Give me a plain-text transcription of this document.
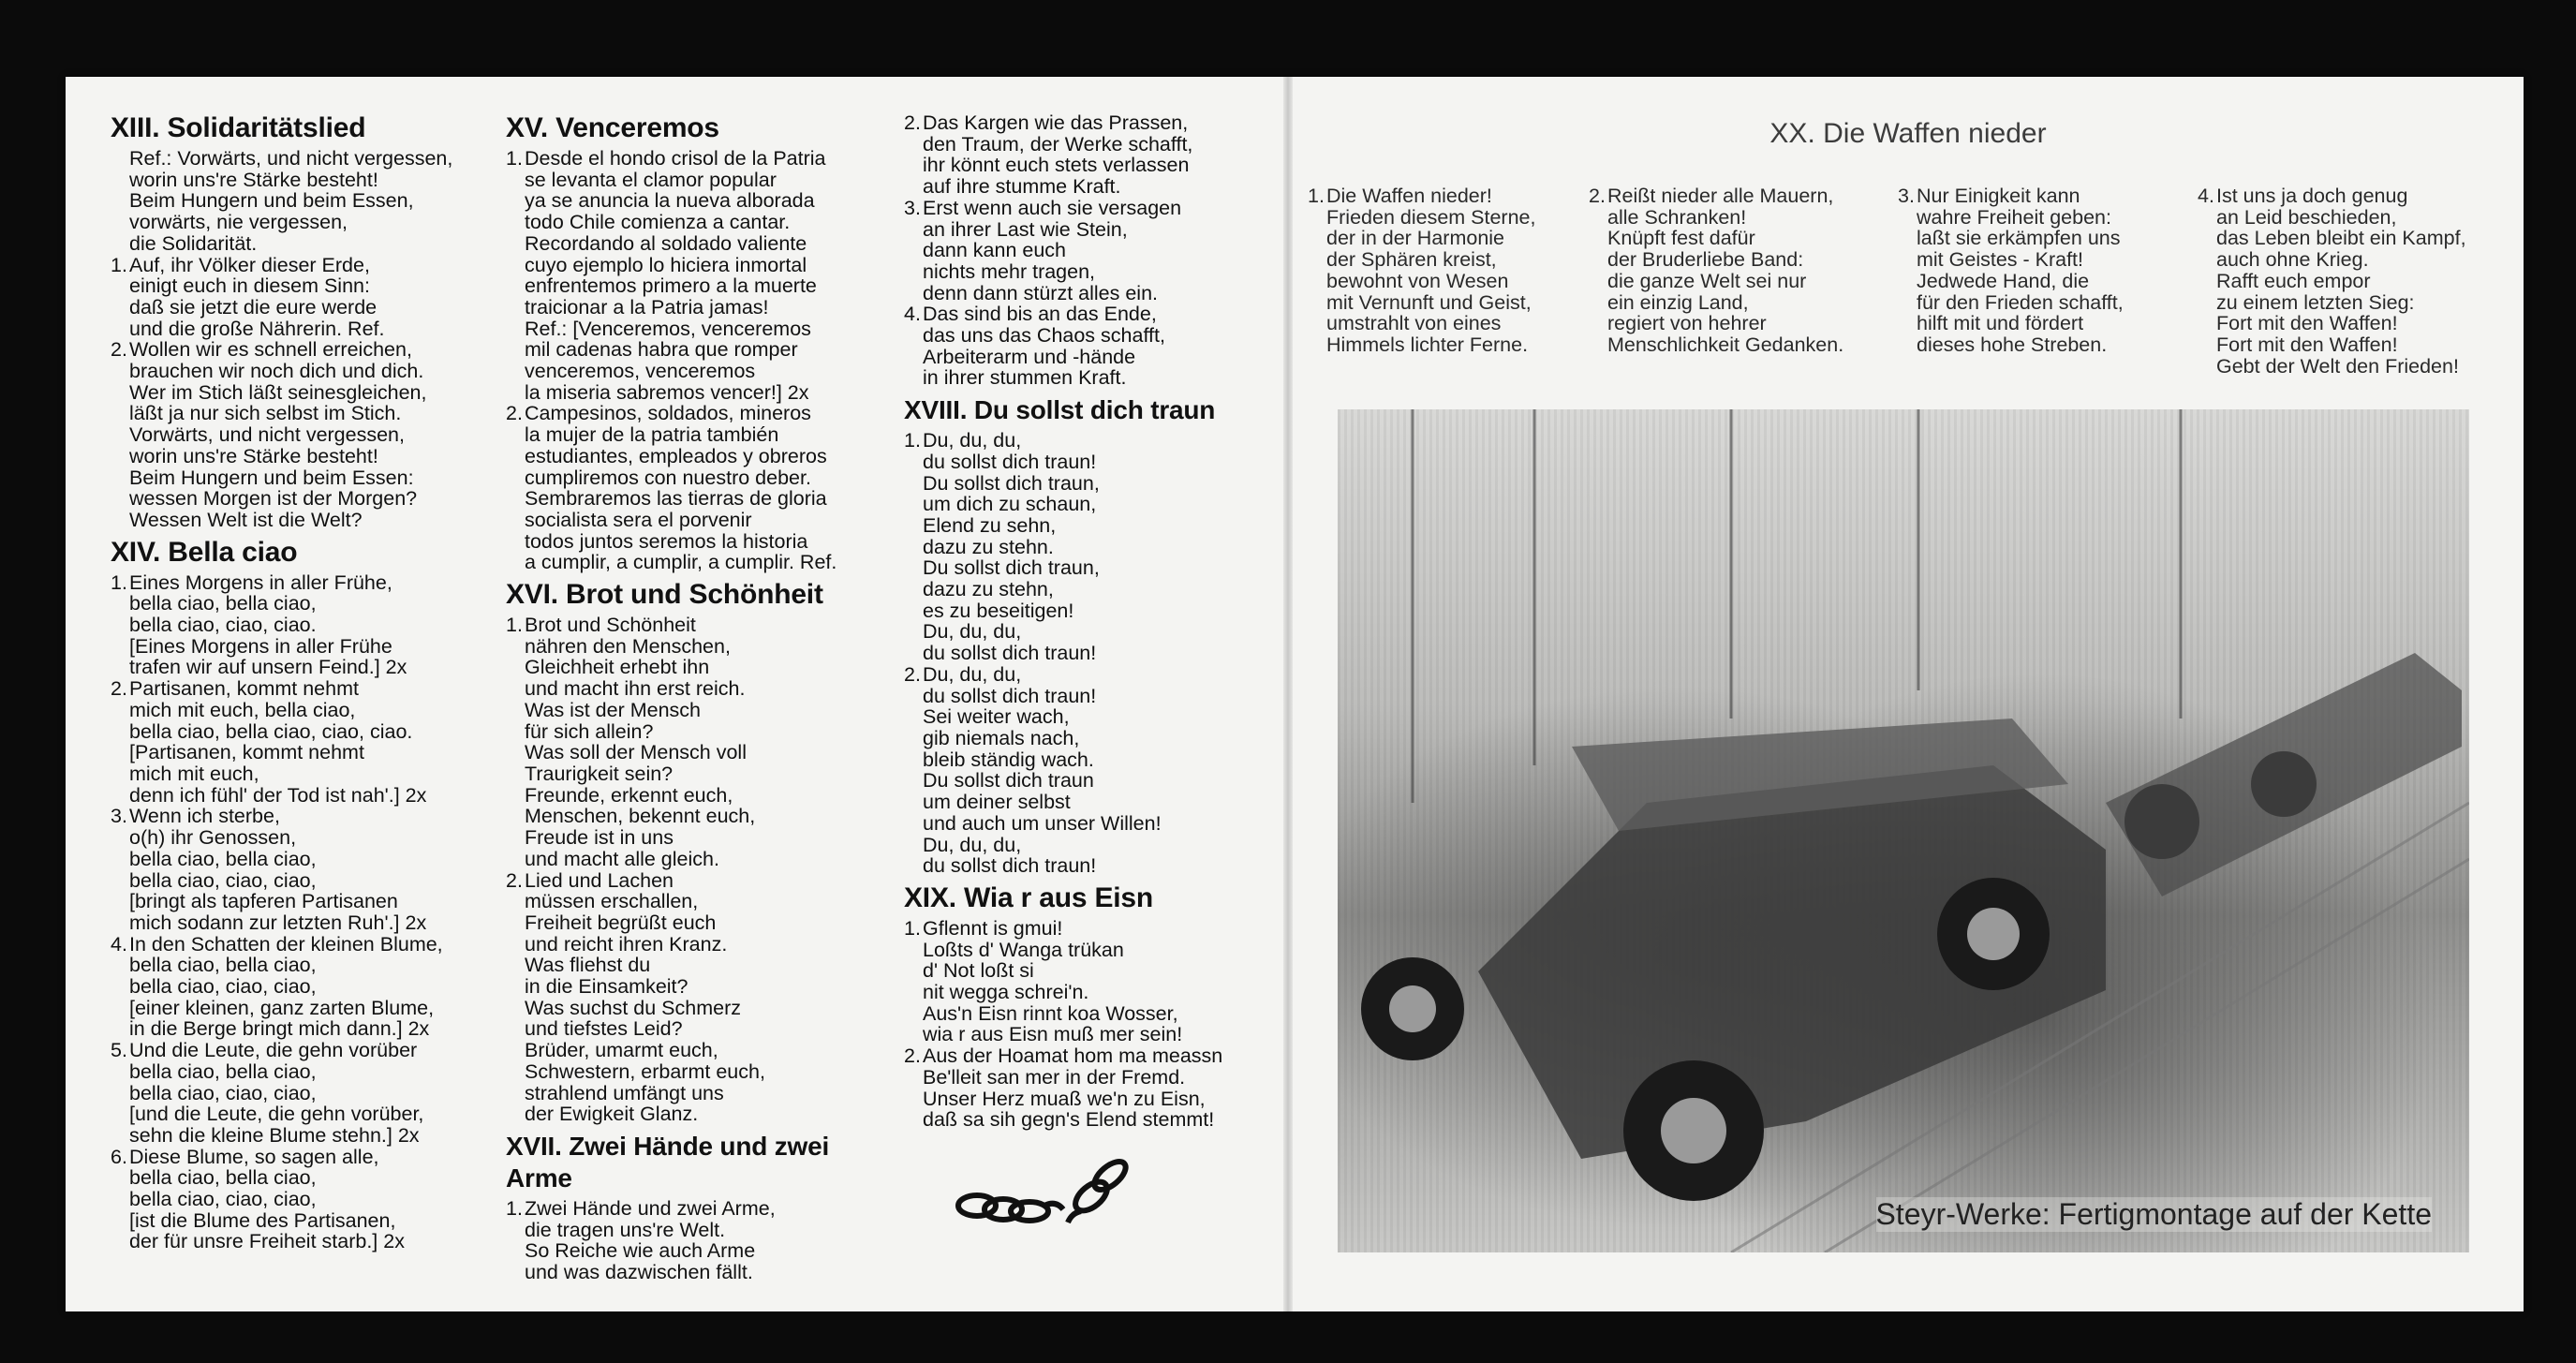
XIII. Solidaritätslied
Ref.: Vorwärts, und nicht vergessen,
worin uns're Stärke besteht!
Beim Hungern und beim Essen,
vorwärts, nie vergessen,
die Solidarität.
1. Auf, ihr Völker dieser Erde,
einigt euch in diesem Sinn:
daß sie jetzt die eure werde
und die große Nährerin. Ref.
2. Wollen wir es schnell erreichen,
brauchen wir noch dich und dich.
Wer im Stich läßt seinesgleichen,
läßt ja nur sich selbst im Stich.
Vorwärts, und nicht vergessen,
worin uns're Stärke besteht!
Beim Hungern und beim Essen:
wessen Morgen ist der Morgen?
Wessen Welt ist die Welt?
XIV. Bella ciao
1. Eines Morgens in aller Frühe,
bella ciao, bella ciao,
bella ciao, ciao, ciao.
[Eines Morgens in aller Frühe
trafen wir auf unsern Feind.] 2x
2. Partisanen, kommt nehmt
mich mit euch, bella ciao,
bella ciao, bella ciao, ciao, ciao.
[Partisanen, kommt nehmt
mich mit euch,
denn ich fühl' der Tod ist nah'.] 2x
3. Wenn ich sterbe,
o(h) ihr Genossen,
bella ciao, bella ciao,
bella ciao, ciao, ciao,
[bringt als tapferen Partisanen
mich sodann zur letzten Ruh'.] 2x
4. In den Schatten der kleinen Blume,
bella ciao, bella ciao,
bella ciao, ciao, ciao,
[einer kleinen, ganz zarten Blume,
in die Berge bringt mich dann.] 2x
5. Und die Leute, die gehn vorüber
bella ciao, bella ciao,
bella ciao, ciao, ciao,
[und die Leute, die gehn vorüber,
sehn die kleine Blume stehn.] 2x
6. Diese Blume, so sagen alle,
bella ciao, bella ciao,
bella ciao, ciao, ciao,
[ist die Blume des Partisanen,
der für unsre Freiheit starb.] 2x
XV. Venceremos
1. Desde el hondo crisol de la Patria
se levanta el clamor popular
ya se anuncia la nueva alborada
todo Chile comienza a cantar.
Recordando al soldado valiente
cuyo ejemplo lo hiciera inmortal
enfrentemos primero a la muerte
traicionar a la Patria jamas!
Ref.: [Venceremos, venceremos
mil cadenas habra que romper
venceremos, venceremos
la miseria sabremos vencer!] 2x
2. Campesinos, soldados, mineros
la mujer de la patria también
estudiantes, empleados y obreros
cumpliremos con nuestro deber.
Sembraremos las tierras de gloria
socialista sera el porvenir
todos juntos seremos la historia
a cumplir, a cumplir, a cumplir. Ref.
XVI. Brot und Schönheit
1. Brot und Schönheit
nähren den Menschen,
Gleichheit erhebt ihn
und macht ihn erst reich.
Was ist der Mensch
für sich allein?
Was soll der Mensch voll
Traurigkeit sein?
Freunde, erkennt euch,
Menschen, bekennt euch,
Freude ist in uns
und macht alle gleich.
2. Lied und Lachen
müssen erschallen,
Freiheit begrüßt euch
und reicht ihren Kranz.
Was fliehst du
in die Einsamkeit?
Was suchst du Schmerz
und tiefstes Leid?
Brüder, umarmt euch,
Schwestern, erbarmt euch,
strahlend umfängt uns
der Ewigkeit Glanz.
XVII. Zwei Hände und zwei Arme
1. Zwei Hände und zwei Arme,
die tragen uns're Welt.
So Reiche wie auch Arme
und was dazwischen fällt.
2. Das Kargen wie das Prassen,
den Traum, der Werke schafft,
ihr könnt euch stets verlassen
auf ihre stumme Kraft.
3. Erst wenn auch sie versagen
an ihrer Last wie Stein,
dann kann euch
nichts mehr tragen,
denn dann stürzt alles ein.
4. Das sind bis an das Ende,
das uns das Chaos schafft,
Arbeiterarm und -hände
in ihrer stummen Kraft.
XVIII. Du sollst dich traun
1. Du, du, du,
du sollst dich traun!
Du sollst dich traun,
um dich zu schaun,
Elend zu sehn,
dazu zu stehn.
Du sollst dich traun,
dazu zu stehn,
es zu beseitigen!
Du, du, du,
du sollst dich traun!
2. Du, du, du,
du sollst dich traun!
Sei weiter wach,
gib niemals nach,
bleib ständig wach.
Du sollst dich traun
um deiner selbst
und auch um unser Willen!
Du, du, du,
du sollst dich traun!
XIX. Wia r aus Eisn
1. Gflennt is gmui!
Loßts d' Wanga trükan
d' Not loßt si
nit wegga schrei'n.
Aus'n Eisn rinnt koa Wosser,
wia r aus Eisn muß mer sein!
2. Aus der Hoamat hom ma meassn
Be'lleit san mer in der Fremd.
Unser Herz muaß we'n zu Eisn,
daß sa sih gegn's Elend stemmt!
XX. Die Waffen nieder
1. Die Waffen nieder!
Frieden diesem Sterne,
der in der Harmonie
der Sphären kreist,
bewohnt von Wesen
mit Vernunft und Geist,
umstrahlt von eines
Himmels lichter Ferne.
2. Reißt nieder alle Mauern,
alle Schranken!
Knüpft fest dafür
der Bruderliebe Band:
die ganze Welt sei nur
ein einzig Land,
regiert von hehrer
Menschlichkeit Gedanken.
3. Nur Einigkeit kann
wahre Freiheit geben:
laßt sie erkämpfen uns
mit Geistes - Kraft!
Jedwede Hand, die
für den Frieden schafft,
hilft mit und fördert
dieses hohe Streben.
4. Ist uns ja doch genug
an Leid beschieden,
das Leben bleibt ein Kampf,
auch ohne Krieg.
Rafft euch empor
zu einem letzten Sieg:
Fort mit den Waffen!
Fort mit den Waffen!
Gebt der Welt den Frieden!
Steyr-Werke: Fertigmontage auf der Kette
